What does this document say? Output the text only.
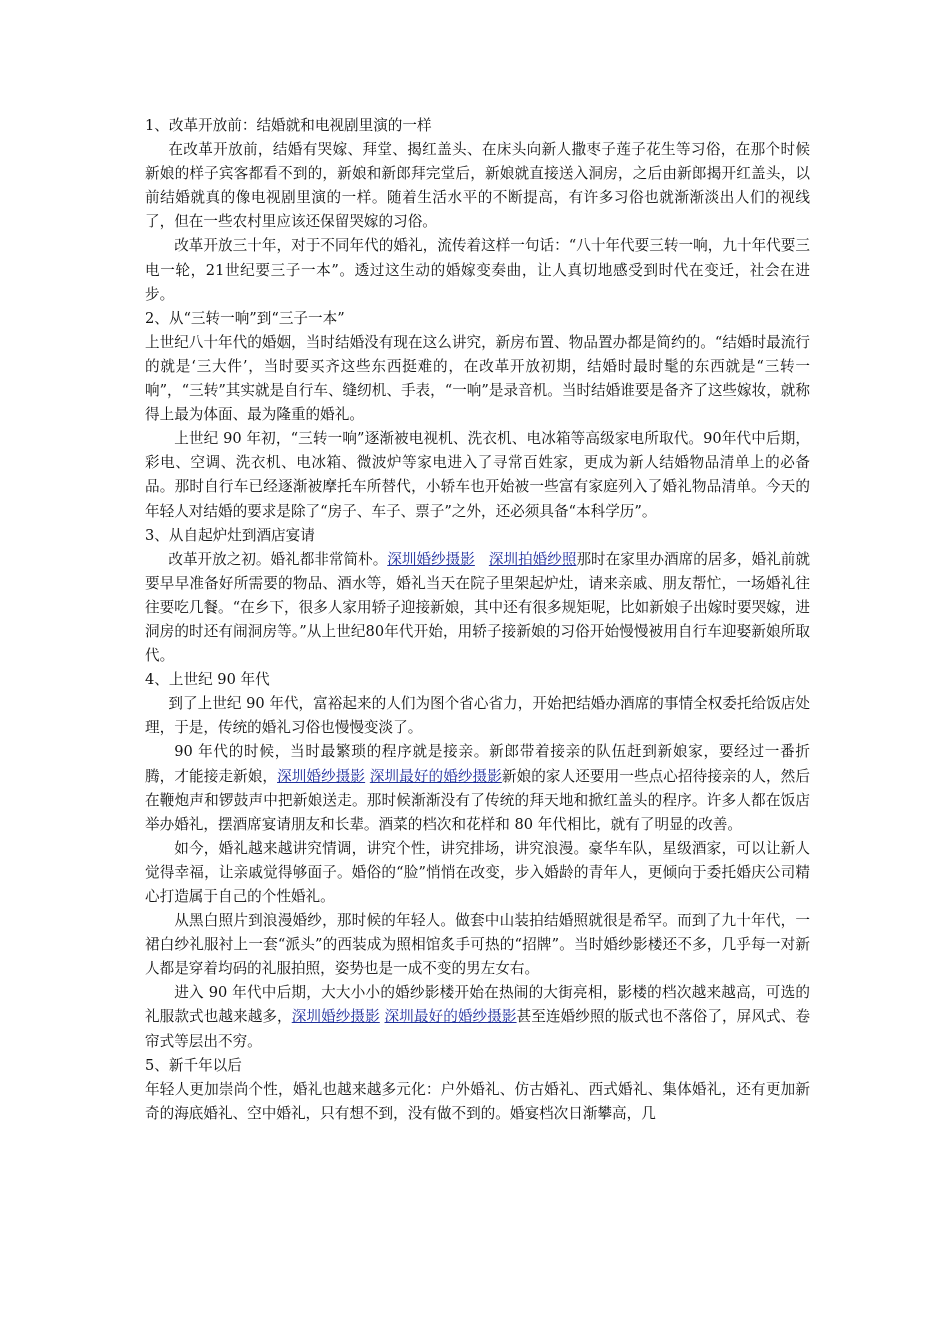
1、改革开放前：结婚就和电视剧里演的一样

在改革开放前，结婚有哭嫁、拜堂、揭红盖头、在床头向新人撒枣子莲子花生等习俗，在那个时候新娘的样子宾客都看不到的，新娘和新郎拜完堂后，新娘就直接送入洞房，之后由新郎揭开红盖头，以前结婚就真的像电视剧里演的一样。随着生活水平的不断提高，有许多习俗也就渐渐淡出人们的视线了，但在一些农村里应该还保留哭嫁的习俗。

改革开放三十年，对于不同年代的婚礼，流传着这样一句话：“八十年代要三转一响，九十年代要三电一轮，21世纪要三子一本”。透过这生动的婚嫁变奏曲，让人真切地感受到时代在变迁，社会在进步。

2、从“三转一响”到“三子一本”

上世纪八十年代的婚姻，当时结婚没有现在这么讲究，新房布置、物品置办都是简约的。“结婚时最流行的就是‘三大件’，当时要买齐这些东西挺难的，在改革开放初期，结婚时最时髦的东西就是“三转一响”，“三转”其实就是自行车、缝纫机、手表，“一响”是录音机。当时结婚谁要是备齐了这些嫁妆，就称得上最为体面、最为隆重的婚礼。

上世纪 90 年初，“三转一响”逐渐被电视机、洗衣机、电冰箱等高级家电所取代。90年代中后期，彩电、空调、洗衣机、电冰箱、微波炉等家电进入了寻常百姓家，更成为新人结婚物品清单上的必备品。那时自行车已经逐渐被摩托车所替代，小轿车也开始被一些富有家庭列入了婚礼物品清单。今天的年轻人对结婚的要求是除了“房子、车子、票子”之外，还必须具备“本科学历”。

3、从自起炉灶到酒店宴请

改革开放之初。婚礼都非常简朴。深圳婚纱摄影 深圳拍婚纱照那时在家里办酒席的居多，婚礼前就要早早准备好所需要的物品、酒水等，婚礼当天在院子里架起炉灶，请来亲戚、朋友帮忙，一场婚礼往往要吃几餐。“在乡下，很多人家用轿子迎接新娘，其中还有很多规矩呢，比如新娘子出嫁时要哭嫁，进洞房的时还有闹洞房等。”从上世纪80年代开始，用轿子接新娘的习俗开始慢慢被用自行车迎娶新娘所取代。

4、上世纪 90 年代

到了上世纪 90 年代，富裕起来的人们为图个省心省力，开始把结婚办酒席的事情全权委托给饭店处理，于是，传统的婚礼习俗也慢慢变淡了。

90 年代的时候，当时最繁琐的程序就是接亲。新郎带着接亲的队伍赶到新娘家，要经过一番折腾，才能接走新娘，深圳婚纱摄影 深圳最好的婚纱摄影新娘的家人还要用一些点心招待接亲的人，然后在鞭炮声和锣鼓声中把新娘送走。那时候渐渐没有了传统的拜天地和掀红盖头的程序。许多人都在饭店举办婚礼，摆酒席宴请朋友和长辈。酒菜的档次和花样和 80 年代相比，就有了明显的改善。

如今，婚礼越来越讲究情调，讲究个性，讲究排场，讲究浪漫。豪华车队，星级酒家，可以让新人觉得幸福，让亲戚觉得够面子。婚俗的“脸”悄悄在改变，步入婚龄的青年人，更倾向于委托婚庆公司精心打造属于自己的个性婚礼。

从黑白照片到浪漫婚纱，那时候的年轻人。做套中山装拍结婚照就很是希罕。而到了九十年代，一裙白纱礼服衬上一套“派头”的西装成为照相馆炙手可热的“招牌”。当时婚纱影楼还不多，几乎每一对新人都是穿着均码的礼服拍照，姿势也是一成不变的男左女右。

进入 90 年代中后期，大大小小的婚纱影楼开始在热闹的大街亮相，影楼的档次越来越高，可选的礼服款式也越来越多，深圳婚纱摄影 深圳最好的婚纱摄影甚至连婚纱照的版式也不落俗了，屏风式、卷帘式等层出不穷。

5、新千年以后

年轻人更加崇尚个性，婚礼也越来越多元化：户外婚礼、仿古婚礼、西式婚礼、集体婚礼，还有更加新奇的海底婚礼、空中婚礼，只有想不到，没有做不到的。婚宴档次日渐攀高，几
